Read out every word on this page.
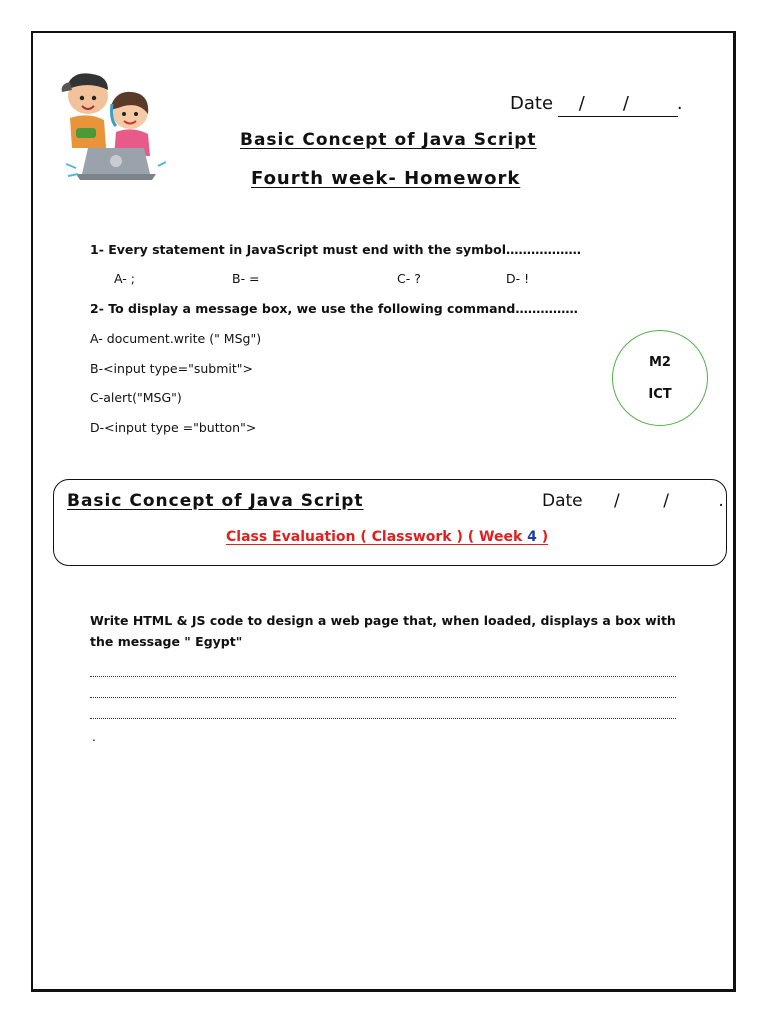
Date / /	.
Basic Concept of Java Script
Fourth week- Homework
1- Every statement in JavaScript must end with the symbol………………
A- ;	B- =	C- ?	D- !
2- To display a message box, we use the following command……………
A- document.write (" MSg")
B-<input type="submit">
C-alert("MSG")
D-<input type ="button">
M2
ICT
Basic Concept of Java Script	Date /	/	.
Class Evaluation ( Classwork ) ( Week 4 )
Write HTML & JS code to design a web page that, when loaded, displays a box with the message " Egypt"
.
